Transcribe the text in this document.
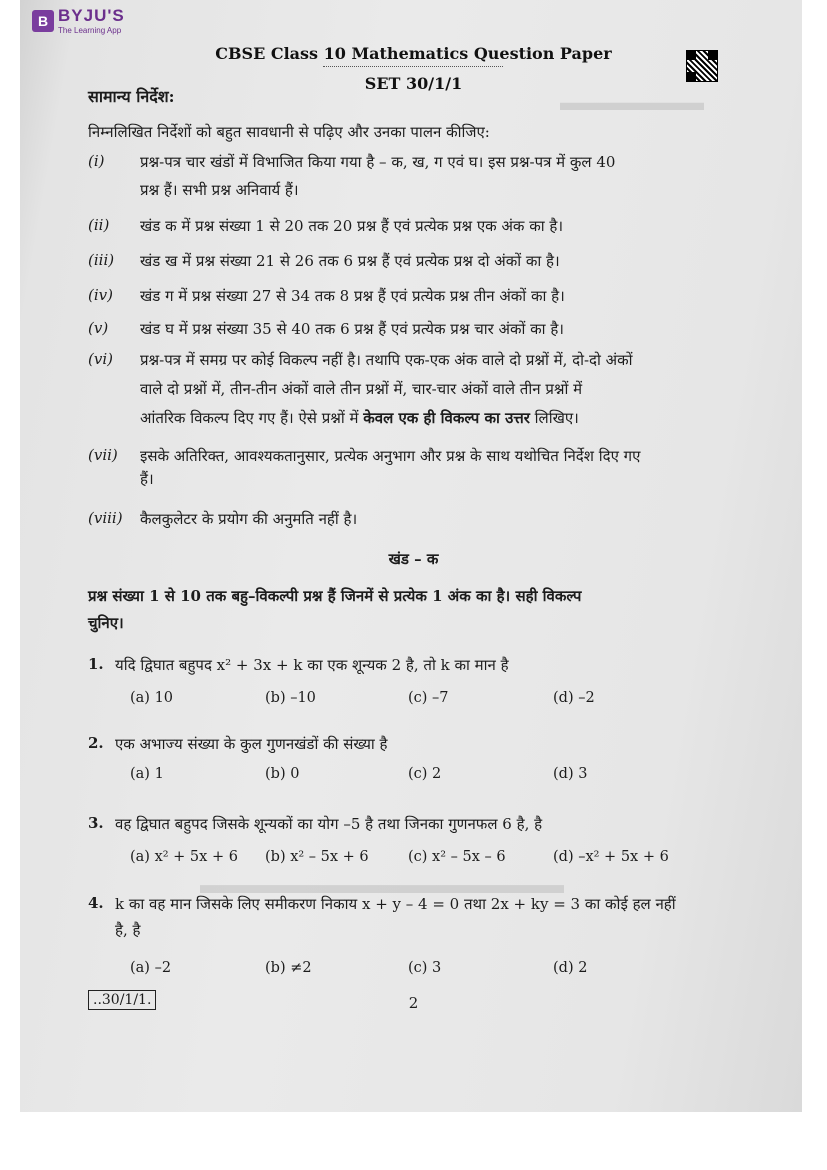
▬▬▬▬▬▬
▬▬▬▬▬▬▬▬▬▬▬▬▬▬
B BYJU'S
The Learning App
CBSE Class 10 Mathematics Question Paper
SET 30/1/1
सामान्य निर्देश:
निम्नलिखित निर्देशों को बहुत सावधानी से पढ़िए और उनका पालन कीजिए:
(i) प्रश्न-पत्र चार खंडों में विभाजित किया गया है – क, ख, ग एवं घ। इस प्रश्न-पत्र में कुल 40
प्रश्न हैं। सभी प्रश्न अनिवार्य हैं।
(ii) खंड क में प्रश्न संख्या 1 से 20 तक 20 प्रश्न हैं एवं प्रत्येक प्रश्न एक अंक का है।
(iii) खंड ख में प्रश्न संख्या 21 से 26 तक 6 प्रश्न हैं एवं प्रत्येक प्रश्न दो अंकों का है।
(iv) खंड ग में प्रश्न संख्या 27 से 34 तक 8 प्रश्न हैं एवं प्रत्येक प्रश्न तीन अंकों का है।
(v) खंड घ में प्रश्न संख्या 35 से 40 तक 6 प्रश्न हैं एवं प्रत्येक प्रश्न चार अंकों का है।
(vi) प्रश्न-पत्र में समग्र पर कोई विकल्प नहीं है। तथापि एक-एक अंक वाले दो प्रश्नों में, दो-दो अंकों
वाले दो प्रश्नों में, तीन-तीन अंकों वाले तीन प्रश्नों में, चार-चार अंकों वाले तीन प्रश्नों में
आंतरिक विकल्प दिए गए हैं। ऐसे प्रश्नों में केवल एक ही विकल्प का उत्तर लिखिए।
(vii) इसके अतिरिक्त, आवश्यकतानुसार, प्रत्येक अनुभाग और प्रश्न के साथ यथोचित निर्देश दिए गए
हैं।
(viii) कैलकुलेटर के प्रयोग की अनुमति नहीं है।
खंड – क
प्रश्न संख्या 1 से 10 तक बहु–विकल्पी प्रश्न हैं जिनमें से प्रत्येक 1 अंक का है। सही विकल्प
चुनिए।
1. यदि द्विघात बहुपद x² + 3x + k का एक शून्यक 2 है, तो k का मान है
(a) 10	(b) –10	(c) –7	(d) –2
2. एक अभाज्य संख्या के कुल गुणनखंडों की संख्या है
(a) 1	(b) 0	(c) 2	(d) 3
3. वह द्विघात बहुपद जिसके शून्यकों का योग –5 है तथा जिनका गुणनफल 6 है, है
(a) x² + 5x + 6 (b) x² – 5x + 6	(c) x² – 5x – 6	(d) –x² + 5x + 6
4. k का वह मान जिसके लिए समीकरण निकाय x + y – 4 = 0 तथा 2x + ky = 3 का कोई हल नहीं
है, है
(a) –2	(b) ≠2	(c) 3	(d) 2
..30/1/1.	2
